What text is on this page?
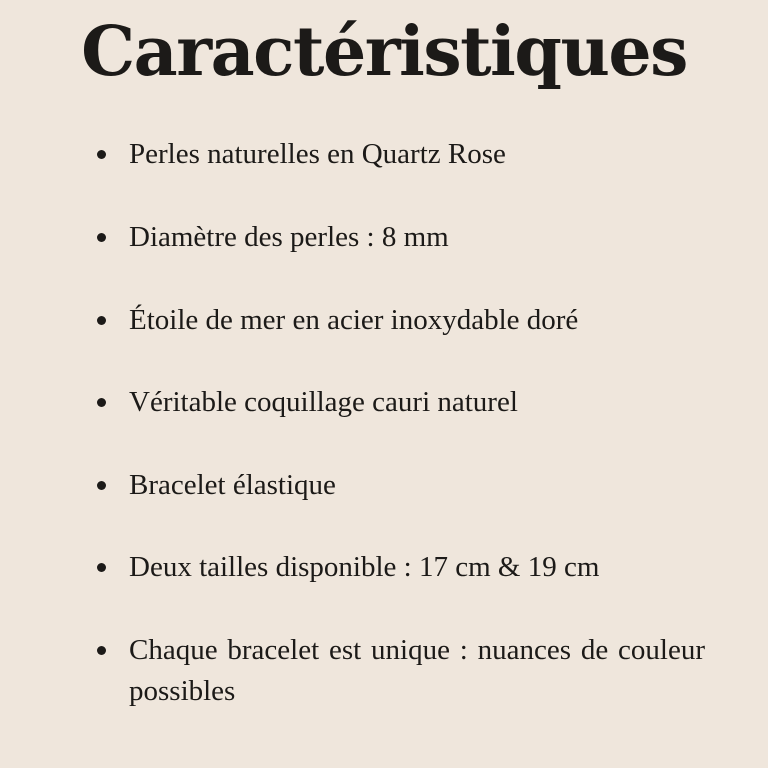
Caractéristiques
Perles naturelles en Quartz Rose
Diamètre des perles : 8 mm
Étoile de mer en acier inoxydable doré
Véritable coquillage cauri naturel
Bracelet élastique
Deux tailles disponible : 17 cm & 19 cm
Chaque bracelet est unique : nuances de couleur possibles
